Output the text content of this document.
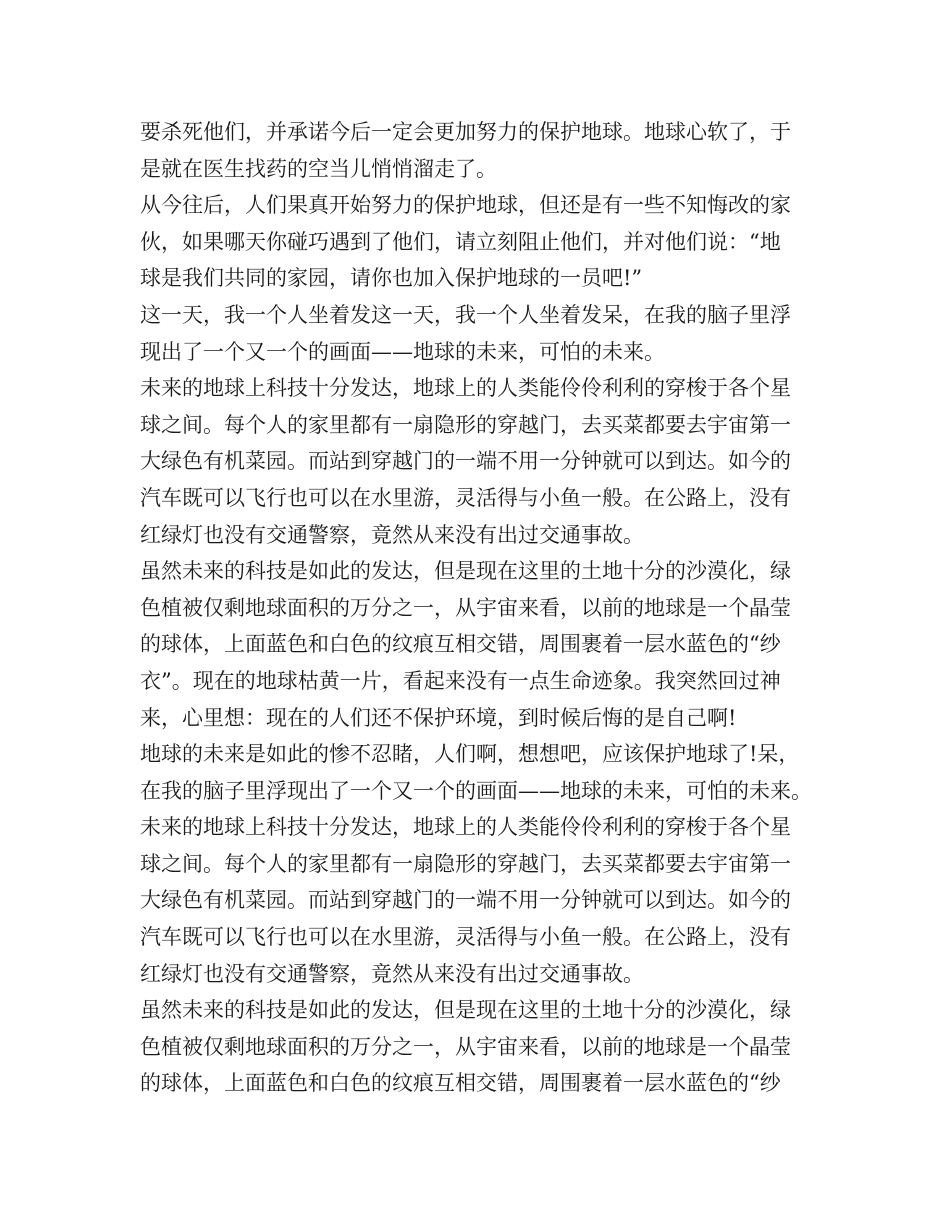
要杀死他们，并承诺今后一定会更加努力的保护地球。地球心软了，于
是就在医生找药的空当儿悄悄溜走了。
从今往后，人们果真开始努力的保护地球，但还是有一些不知悔改的家
伙，如果哪天你碰巧遇到了他们，请立刻阻止他们，并对他们说：“地
球是我们共同的家园，请你也加入保护地球的一员吧!”
这一天，我一个人坐着发这一天，我一个人坐着发呆，在我的脑子里浮
现出了一个又一个的画面——地球的未来，可怕的未来。
未来的地球上科技十分发达，地球上的人类能伶伶利利的穿梭于各个星
球之间。每个人的家里都有一扇隐形的穿越门，去买菜都要去宇宙第一
大绿色有机菜园。而站到穿越门的一端不用一分钟就可以到达。如今的
汽车既可以飞行也可以在水里游，灵活得与小鱼一般。在公路上，没有
红绿灯也没有交通警察，竟然从来没有出过交通事故。
虽然未来的科技是如此的发达，但是现在这里的土地十分的沙漠化，绿
色植被仅剩地球面积的万分之一，从宇宙来看，以前的地球是一个晶莹
的球体，上面蓝色和白色的纹痕互相交错，周围裹着一层水蓝色的“纱
衣”。现在的地球枯黄一片，看起来没有一点生命迹象。我突然回过神
来，心里想：现在的人们还不保护环境，到时候后悔的是自己啊!
地球的未来是如此的惨不忍睹，人们啊，想想吧，应该保护地球了!呆，
在我的脑子里浮现出了一个又一个的画面——地球的未来，可怕的未来。
未来的地球上科技十分发达，地球上的人类能伶伶利利的穿梭于各个星
球之间。每个人的家里都有一扇隐形的穿越门，去买菜都要去宇宙第一
大绿色有机菜园。而站到穿越门的一端不用一分钟就可以到达。如今的
汽车既可以飞行也可以在水里游，灵活得与小鱼一般。在公路上，没有
红绿灯也没有交通警察，竟然从来没有出过交通事故。
虽然未来的科技是如此的发达，但是现在这里的土地十分的沙漠化，绿
色植被仅剩地球面积的万分之一，从宇宙来看，以前的地球是一个晶莹
的球体，上面蓝色和白色的纹痕互相交错，周围裹着一层水蓝色的“纱
